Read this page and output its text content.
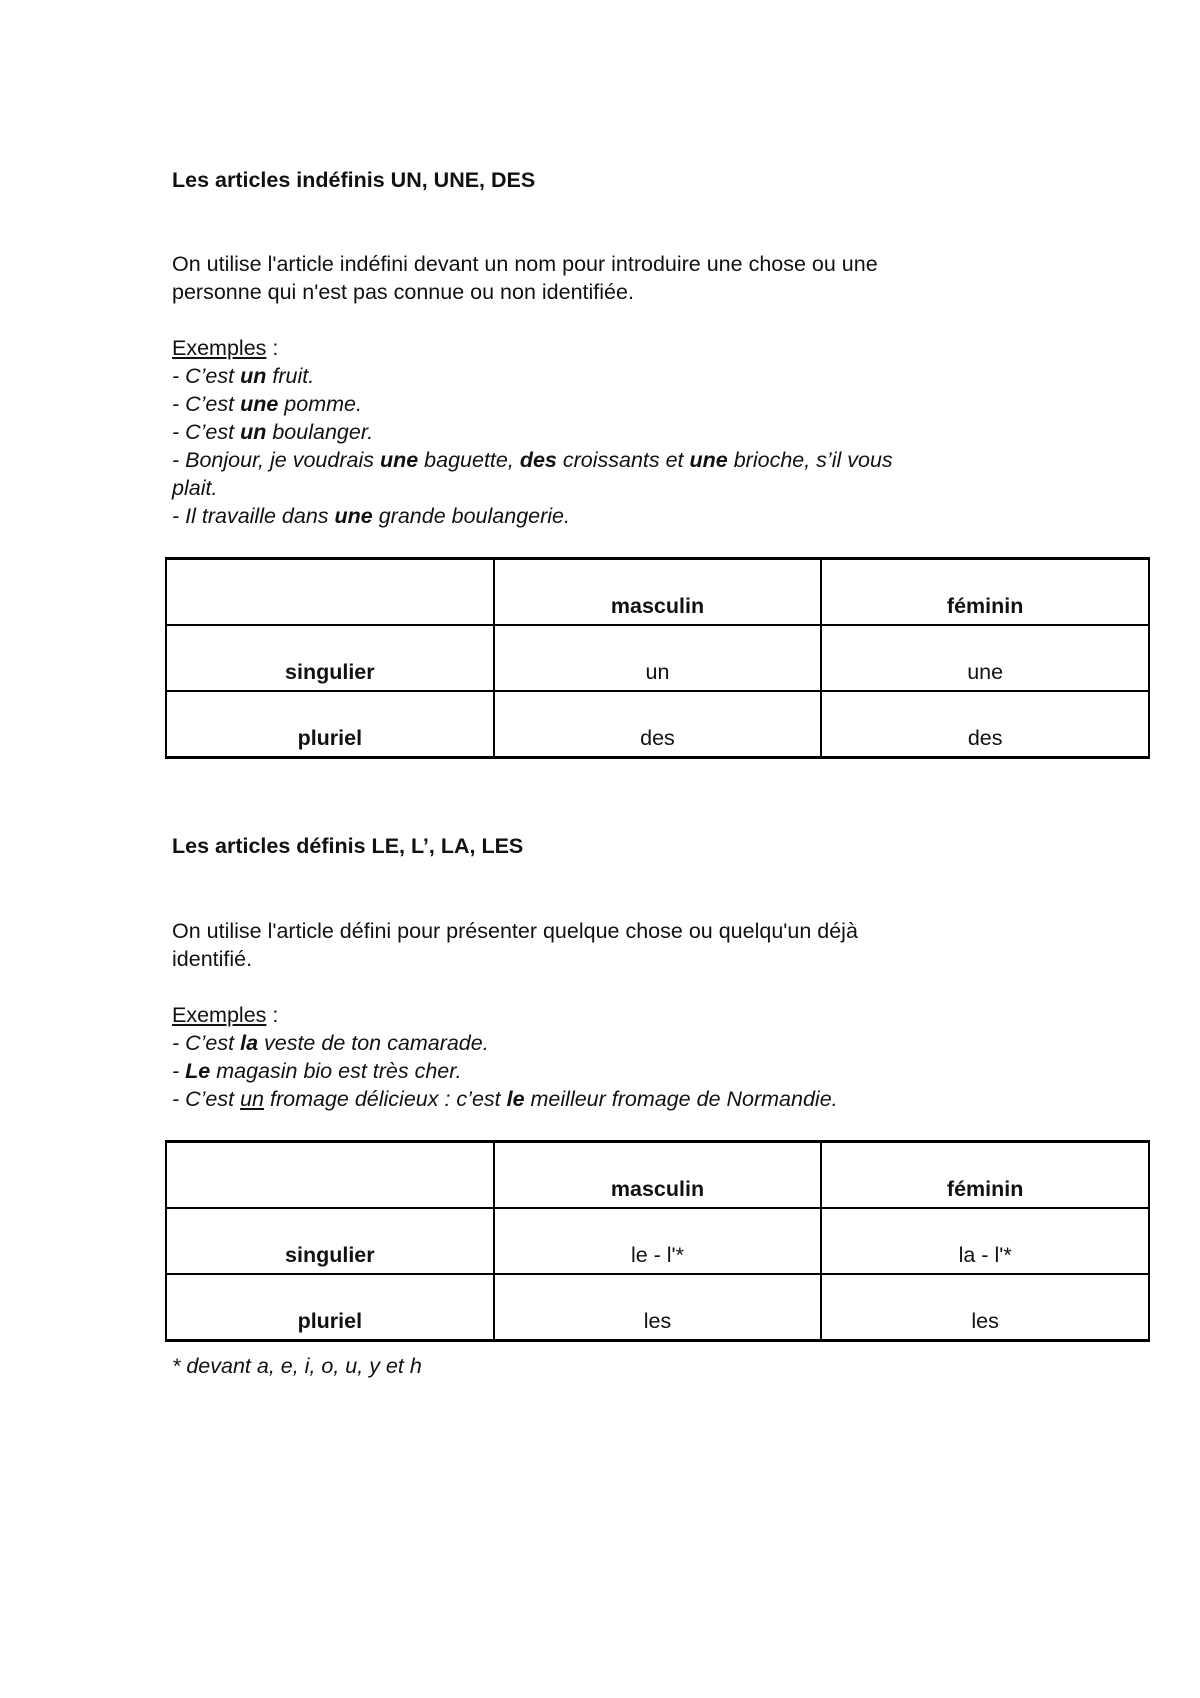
Les articles indéfinis UN, UNE, DES

On utilise l'article indéfini devant un nom pour introduire une chose ou une

personne qui n'est pas connue ou non identifiée.

Exemples :

- C’est un fruit.

- C’est une pomme.

- C’est un boulanger.

- Bonjour, je voudrais une baguette, des croissants et une brioche, s’il vous

plait.

- Il travaille dans une grande boulangerie.

	masculin	féminin
singulier	un	une
pluriel	des	des
Les articles définis LE, L’, LA, LES

On utilise l'article défini pour présenter quelque chose ou quelqu'un déjà

identifié.

Exemples :

- C’est la veste de ton camarade.

- Le magasin bio est très cher.

- C’est un fromage délicieux : c’est le meilleur fromage de Normandie.

	masculin	féminin
singulier	le - l'*	la - l'*
pluriel	les	les
* devant a, e, i, o, u, y et h
